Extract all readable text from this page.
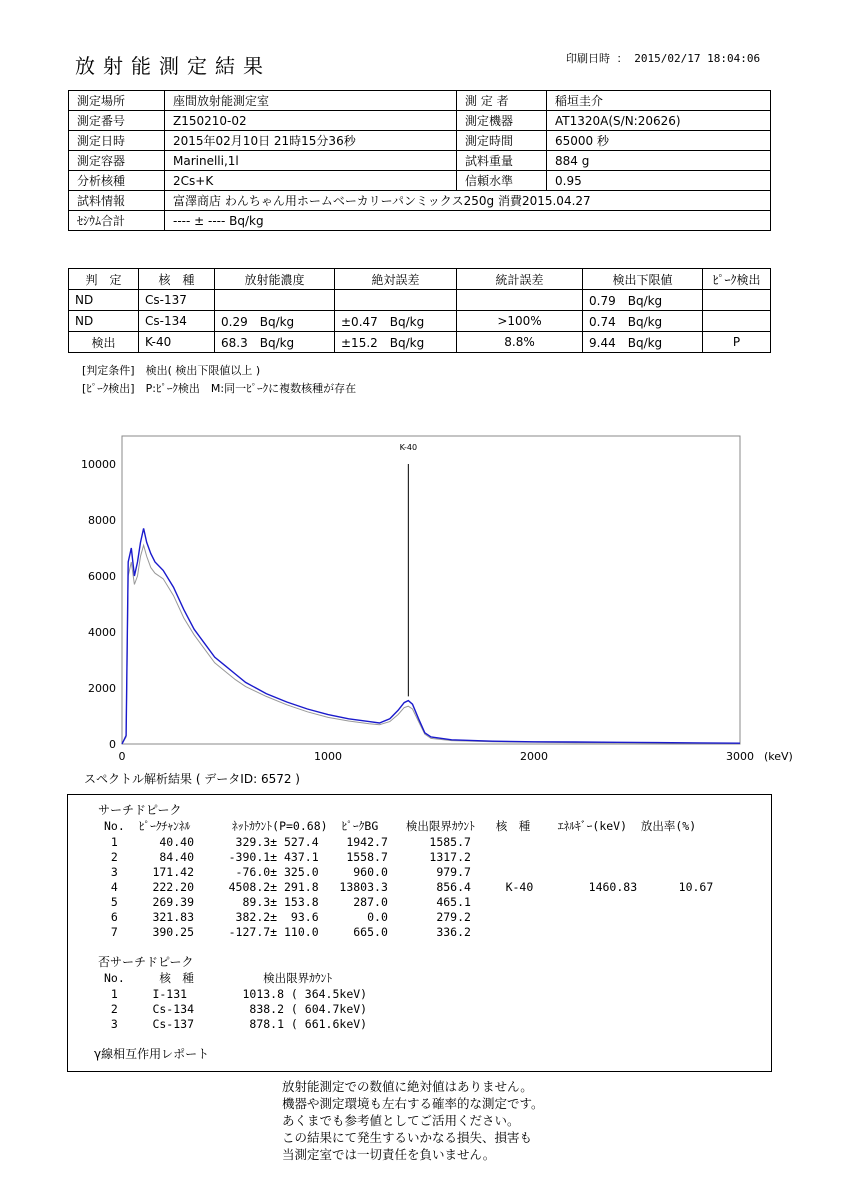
放射能測定結果	印刷日時 ： 2015/02/17 18:04:06
測定場所	座間放射能測定室	測 定 者	稲垣圭介
測定番号	Z150210-02	測定機器	AT1320A(S/N:20626)
測定日時	2015年02月10日 21時15分36秒	測定時間	65000 秒
測定容器	Marinelli,1l	試料重量	884 g
分析核種	2Cs+K	信頼水準	0.95
試料情報	富澤商店 わんちゃん用ホームベーカリーパンミックス250g 消費2015.04.27		
ｾｼｳﾑ合計	---- ± ---- Bq/kg		
判　定	核　種	放射能濃度	絶対誤差	統計誤差	検出下限値	ﾋﾟｰｸ検出
ND	Cs-137				0.79　Bq/kg	
ND	Cs-134	0.29　Bq/kg	±0.47　Bq/kg	>100%	0.74　Bq/kg	
検出	K-40	68.3　Bq/kg	±15.2　Bq/kg	8.8%	9.44　Bq/kg	P
[判定条件]　検出( 検出下限値以上 )
[ﾋﾟｰｸ検出]　P:ﾋﾟｰｸ検出　M:同一ﾋﾟｰｸに複数核種が存在
0
2000
4000
6000
8000
10000
0	1000	2000	3000 (keV)
K-40
スペクトル解析結果 ( データID: 6572 )
サーチドピーク
No.  ﾋﾟｰｸﾁｬﾝﾈﾙ      ﾈｯﾄｶｳﾝﾄ(P=0.68)  ﾋﾟｰｸBG    検出限界ｶｳﾝﾄ   核　種    ｴﾈﾙｷﾞｰ(keV)  放出率(%)
1      40.40      329.3± 527.4    1942.7      1585.7
2      84.40     -390.1± 437.1    1558.7      1317.2
3     171.42      -76.0± 325.0     960.0       979.7
4     222.20     4508.2± 291.8   13803.3       856.4     K-40        1460.83      10.67
5     269.39       89.3± 153.8     287.0       465.1
6     321.83      382.2±  93.6       0.0       279.2
7     390.25     -127.7± 110.0     665.0       336.2
否サーチドピーク
No.     核　種          検出限界ｶｳﾝﾄ
1     I-131        1013.8 ( 364.5keV)
2     Cs-134        838.2 ( 604.7keV)
3     Cs-137        878.1 ( 661.6keV)
γ線相互作用レポート
放射能測定での数値に絶対値はありません。
機器や測定環境も左右する確率的な測定です。
あくまでも参考値としてご活用ください。
この結果にて発生するいかなる損失、損害も
当測定室では一切責任を負いません。
